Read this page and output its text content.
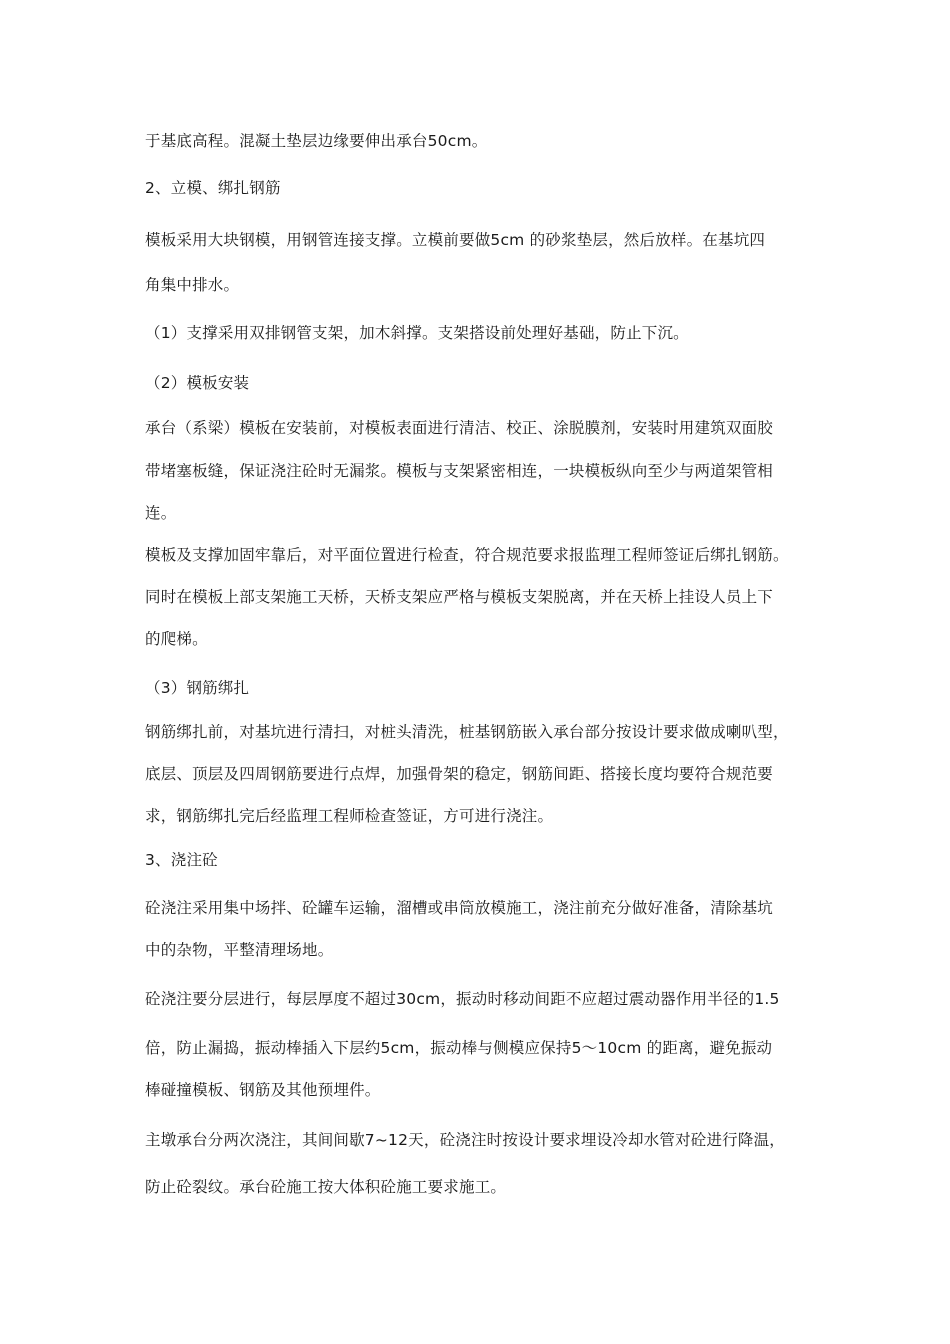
于基底高程。混凝土垫层边缘要伸出承台50cm。
2、立模、绑扎钢筋
模板采用大块钢模，用钢管连接支撑。立模前要做5cm 的砂浆垫层，然后放样。在基坑四
角集中排水。
（1）支撑采用双排钢管支架，加木斜撑。支架搭设前处理好基础，防止下沉。
（2）模板安装
承台（系梁）模板在安装前，对模板表面进行清洁、校正、涂脱膜剂，安装时用建筑双面胶
带堵塞板缝，保证浇注砼时无漏浆。模板与支架紧密相连，一块模板纵向至少与两道架管相
连。
模板及支撑加固牢靠后，对平面位置进行检查，符合规范要求报监理工程师签证后绑扎钢筋。
同时在模板上部支架施工天桥，天桥支架应严格与模板支架脱离，并在天桥上挂设人员上下
的爬梯。
（3）钢筋绑扎
钢筋绑扎前，对基坑进行清扫，对桩头清洗，桩基钢筋嵌入承台部分按设计要求做成喇叭型，
底层、顶层及四周钢筋要进行点焊，加强骨架的稳定，钢筋间距、搭接长度均要符合规范要
求，钢筋绑扎完后经监理工程师检查签证，方可进行浇注。
3、浇注砼
砼浇注采用集中场拌、砼罐车运输，溜槽或串筒放模施工，浇注前充分做好准备，清除基坑
中的杂物，平整清理场地。
砼浇注要分层进行，每层厚度不超过30cm，振动时移动间距不应超过震动器作用半径的1.5
倍，防止漏捣，振动棒插入下层约5cm，振动棒与侧模应保持5～10cm 的距离，避免振动
棒碰撞模板、钢筋及其他预埋件。
主墩承台分两次浇注，其间间歇7~12天，砼浇注时按设计要求埋设冷却水管对砼进行降温，
防止砼裂纹。承台砼施工按大体积砼施工要求施工。
